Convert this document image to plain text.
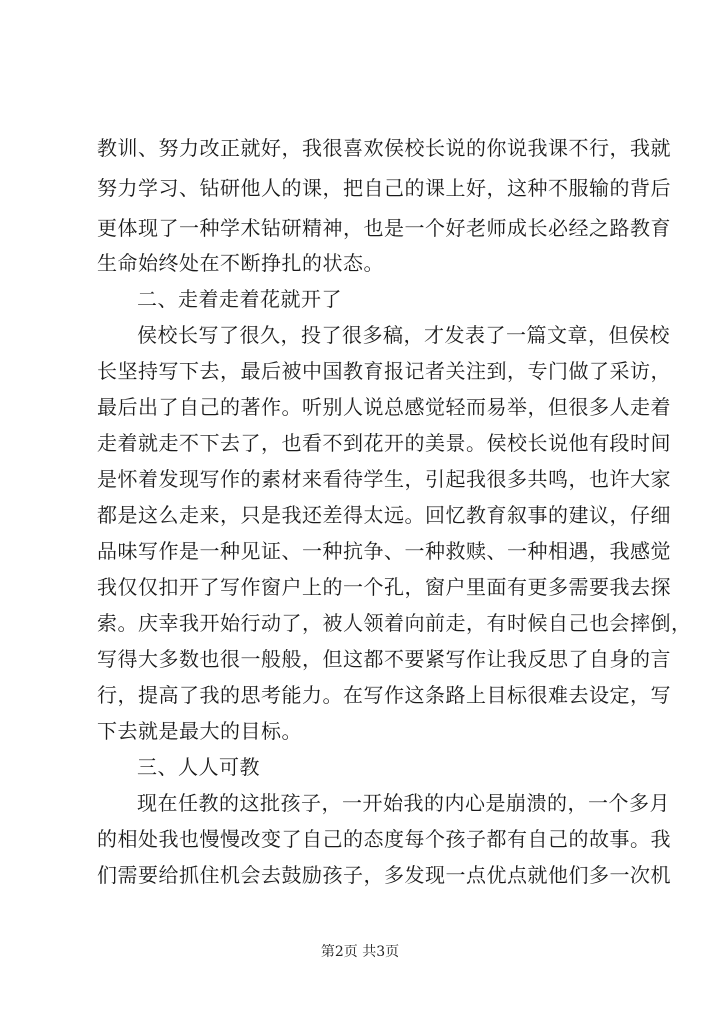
教训、努力改正就好，我很喜欢侯校长说的你说我课不行，我就
努力学习、钻研他人的课，把自己的课上好，这种不服输的背后
更体现了一种学术钻研精神，也是一个好老师成长必经之路教育
生命始终处在不断挣扎的状态。
二、走着走着花就开了
侯校长写了很久，投了很多稿，才发表了一篇文章，但侯校
长坚持写下去，最后被中国教育报记者关注到，专门做了采访，
最后出了自己的著作。听别人说总感觉轻而易举，但很多人走着
走着就走不下去了，也看不到花开的美景。侯校长说他有段时间
是怀着发现写作的素材来看待学生，引起我很多共鸣，也许大家
都是这么走来，只是我还差得太远。回忆教育叙事的建议，仔细
品味写作是一种见证、一种抗争、一种救赎、一种相遇，我感觉
我仅仅扣开了写作窗户上的一个孔，窗户里面有更多需要我去探
索。庆幸我开始行动了，被人领着向前走，有时候自己也会摔倒，
写得大多数也很一般般，但这都不要紧写作让我反思了自身的言
行，提高了我的思考能力。在写作这条路上目标很难去设定，写
下去就是最大的目标。
三、人人可教
现在任教的这批孩子，一开始我的内心是崩溃的，一个多月
的相处我也慢慢改变了自己的态度每个孩子都有自己的故事。我
们需要给抓住机会去鼓励孩子，多发现一点优点就他们多一次机
第2页 共3页
